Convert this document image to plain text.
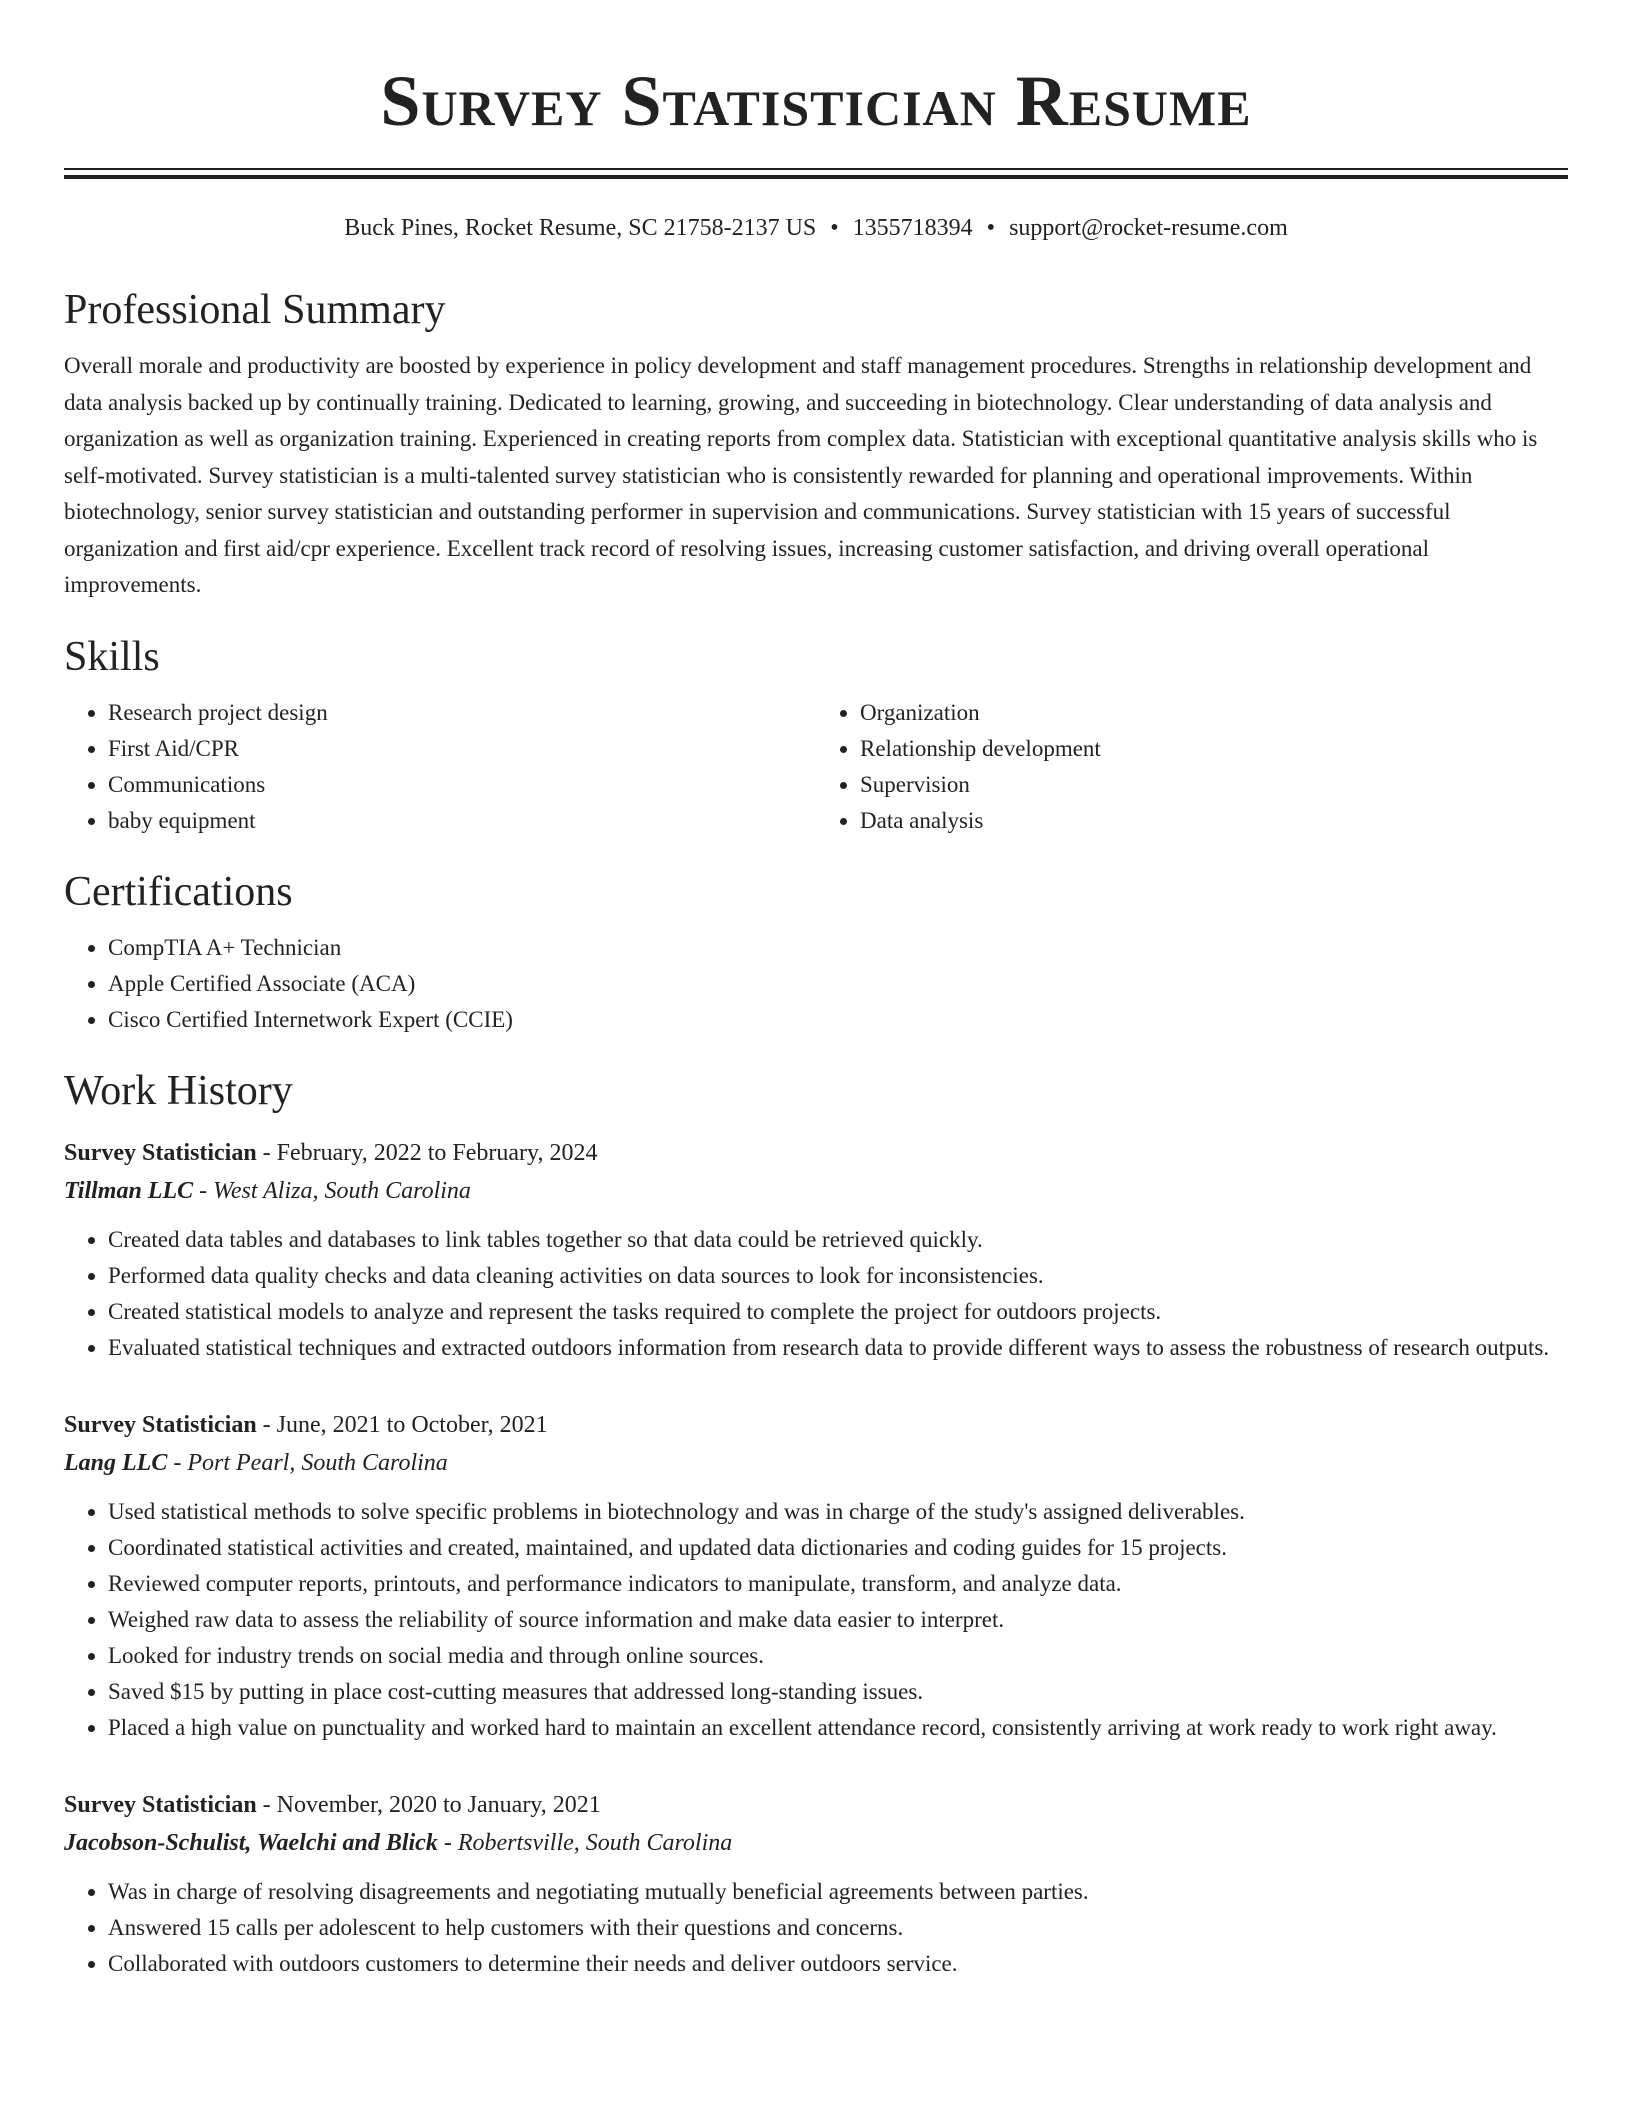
Survey Statistician Resume
Buck Pines, Rocket Resume, SC 21758-2137 US • 1355718394 • support@rocket-resume.com
Professional Summary

Overall morale and productivity are boosted by experience in policy development and staff management procedures. Strengths in relationship development and data analysis backed up by continually training. Dedicated to learning, growing, and succeeding in biotechnology. Clear understanding of data analysis and organization as well as organization training. Experienced in creating reports from complex data. Statistician with exceptional quantitative analysis skills who is self-motivated. Survey statistician is a multi-talented survey statistician who is consistently rewarded for planning and operational improvements. Within biotechnology, senior survey statistician and outstanding performer in supervision and communications. Survey statistician with 15 years of successful organization and first aid/cpr experience. Excellent track record of resolving issues, increasing customer satisfaction, and driving overall operational improvements.

Skills
• Research project design
• First Aid/CPR
• Communications
• baby equipment
• Organization
• Relationship development
• Supervision
• Data analysis
Certifications
• CompTIA A+ Technician
• Apple Certified Associate (ACA)
• Cisco Certified Internetwork Expert (CCIE)
Work History
Survey Statistician - February, 2022 to February, 2024
Tillman LLC - West Aliza, South Carolina
• Created data tables and databases to link tables together so that data could be retrieved quickly.
• Performed data quality checks and data cleaning activities on data sources to look for inconsistencies.
• Created statistical models to analyze and represent the tasks required to complete the project for outdoors projects.
• Evaluated statistical techniques and extracted outdoors information from research data to provide different ways to assess the robustness of research outputs.
Survey Statistician - June, 2021 to October, 2021
Lang LLC - Port Pearl, South Carolina
• Used statistical methods to solve specific problems in biotechnology and was in charge of the study's assigned deliverables.
• Coordinated statistical activities and created, maintained, and updated data dictionaries and coding guides for 15 projects.
• Reviewed computer reports, printouts, and performance indicators to manipulate, transform, and analyze data.
• Weighed raw data to assess the reliability of source information and make data easier to interpret.
• Looked for industry trends on social media and through online sources.
• Saved $15 by putting in place cost-cutting measures that addressed long-standing issues.
• Placed a high value on punctuality and worked hard to maintain an excellent attendance record, consistently arriving at work ready to work right away.
Survey Statistician - November, 2020 to January, 2021
Jacobson-Schulist, Waelchi and Blick - Robertsville, South Carolina
• Was in charge of resolving disagreements and negotiating mutually beneficial agreements between parties.
• Answered 15 calls per adolescent to help customers with their questions and concerns.
• Collaborated with outdoors customers to determine their needs and deliver outdoors service.
